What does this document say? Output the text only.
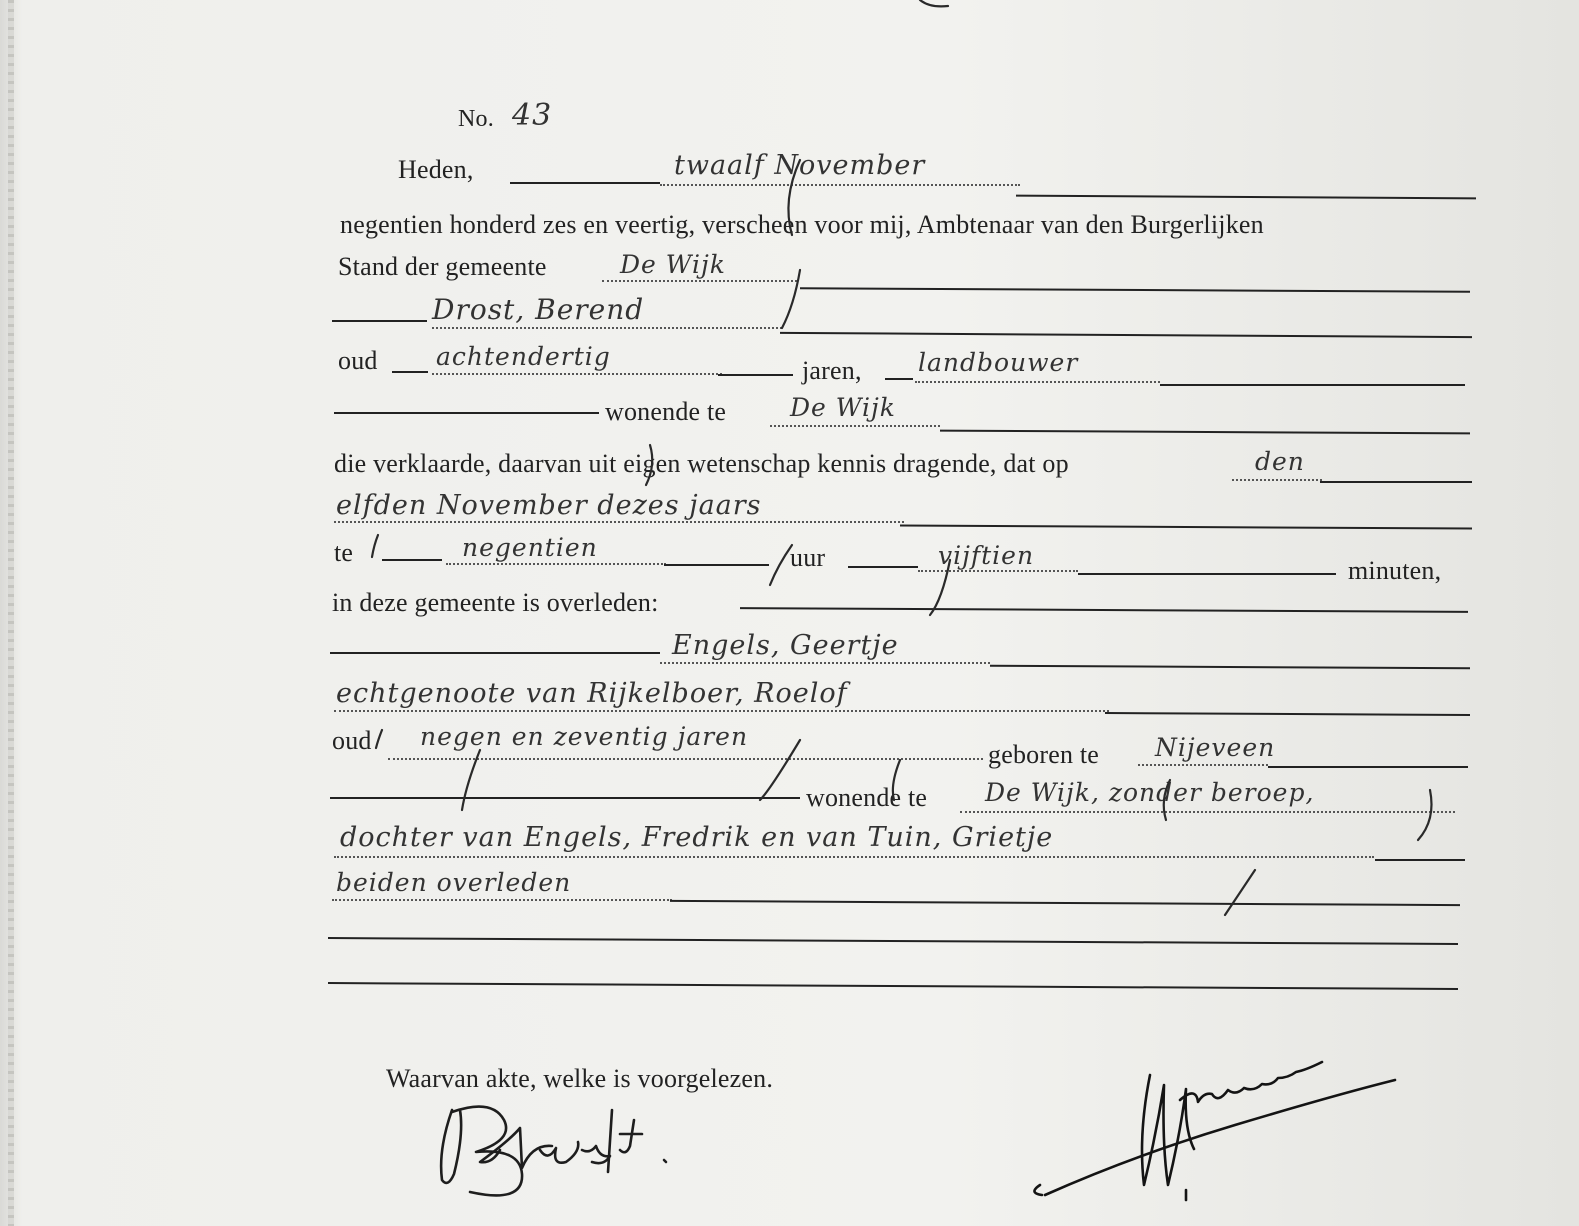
No. 43
Heden,	twaalf November
negentien honderd zes en veertig, verscheen voor mij, Ambtenaar van den Burgerlijken
Stand der gemeente	De Wijk
Drost, Berend
oud achtendertig	jaren, landbouwer
wonende te	De Wijk
die verklaarde, daarvan uit eigen wetenschap kennis dragende, dat op	den
elfden November dezes jaars
te	negentien	uur	vijftien
minuten,
in deze gemeente is overleden:
Engels, Geertje
echtgenoote van Rijkelboer, Roelof
oud negen en zeventig jaren
geboren te Nijeveen
wonende te De Wijk, zonder beroep,
dochter van Engels, Fredrik en van Tuin, Grietje
beiden overleden
Waarvan akte, welke is voorgelezen.
